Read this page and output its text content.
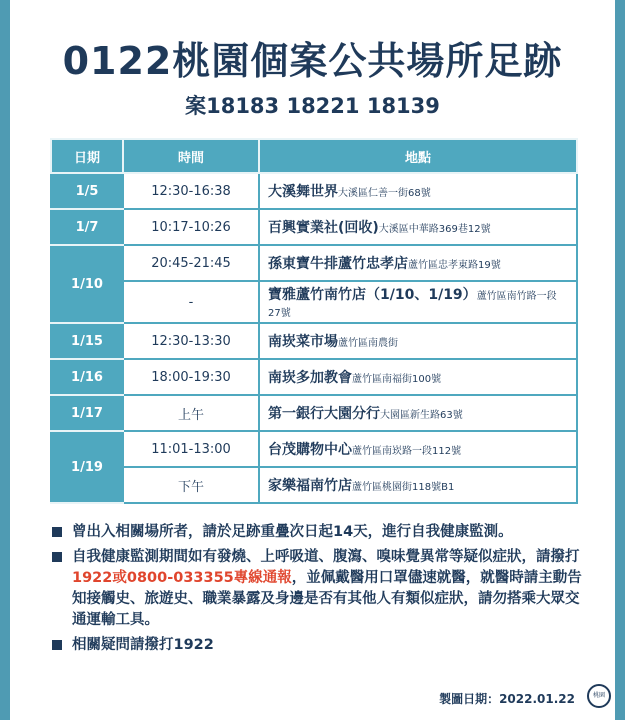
0122桃園個案公共場所足跡
案18183 18221 18139
日期	時間	地點
1/5	12:30-16:38	大溪舞世界大溪區仁善一街68號
1/7	10:17-10:26	百興實業社(回收)大溪區中華路369巷12號
1/10	20:45-21:45	孫東寶牛排蘆竹忠孝店蘆竹區忠孝東路19號
	-	寶雅蘆竹南竹店（1/10、1/19）蘆竹區南竹路一段27號
1/15	12:30-13:30	南崁菜市場蘆竹區南農街
1/16	18:00-19:30	南崁多加教會蘆竹區南福街100號
1/17	上午	第一銀行大園分行大園區新生路63號
1/19	11:01-13:00	台茂購物中心蘆竹區南崁路一段112號
	下午	家樂福南竹店蘆竹區桃園街118號B1
曾出入相關場所者，請於足跡重疊次日起14天，進行自我健康監測。
自我健康監測期間如有發燒、上呼吸道、腹瀉、嗅味覺異常等疑似症狀，請撥打1922或0800-033355專線通報，並佩戴醫用口罩儘速就醫，就醫時請主動告知接觸史、旅遊史、職業暴露及身邊是否有其他人有類似症狀，請勿搭乘大眾交通運輸工具。
相關疑問請撥打1922
製圖日期：2022.01.22	桃園
